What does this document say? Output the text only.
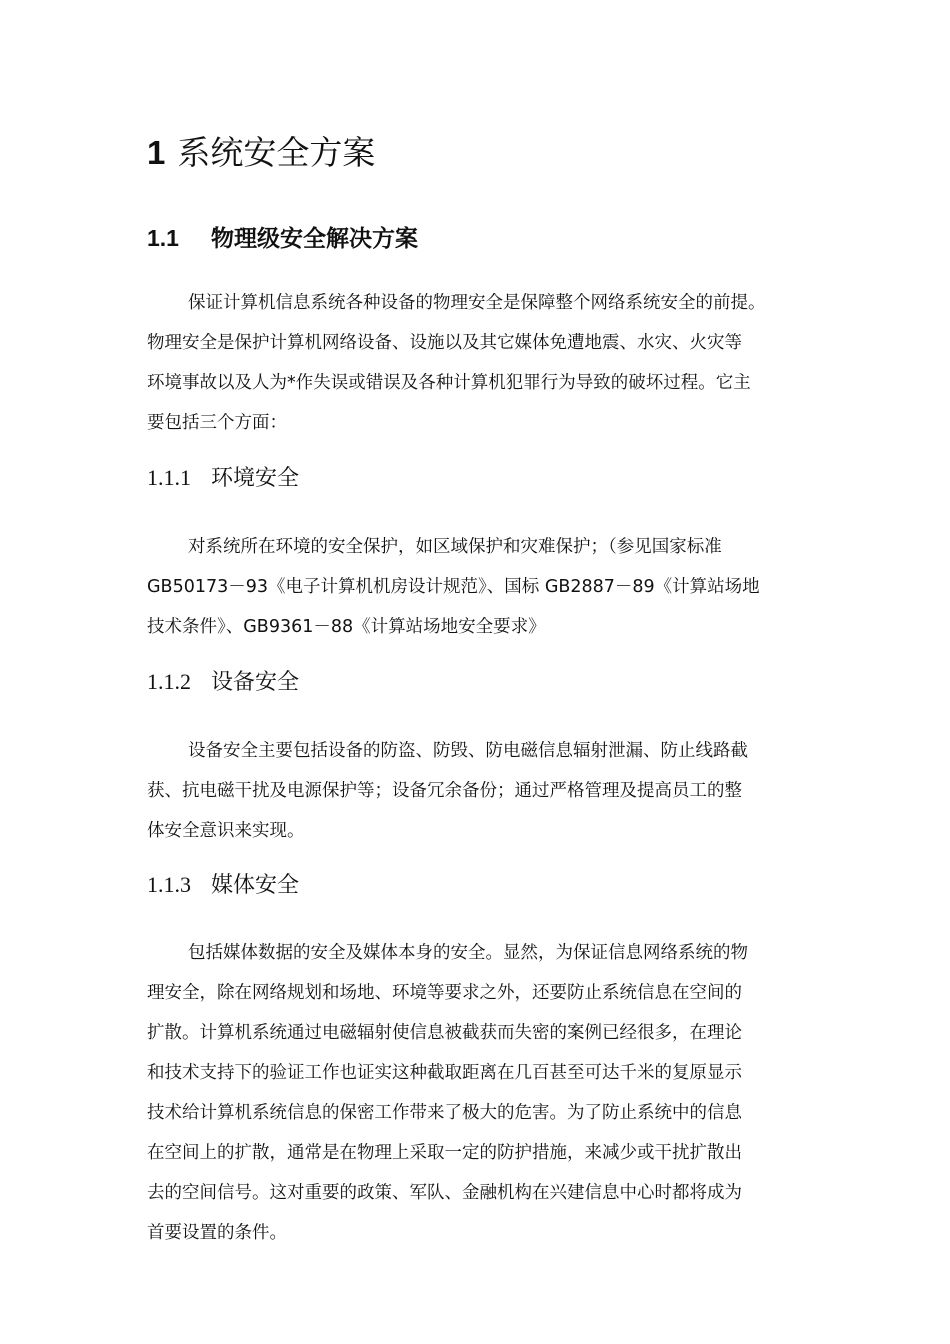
1 系统安全方案
1.1 物理级安全解决方案
保证计算机信息系统各种设备的物理安全是保障整个网络系统安全的前提。
物理安全是保护计算机网络设备、设施以及其它媒体免遭地震、水灾、火灾等
环境事故以及人为*作失误或错误及各种计算机犯罪行为导致的破坏过程。它主
要包括三个方面：
1.1.1 环境安全
对系统所在环境的安全保护，如区域保护和灾难保护；（参见国家标准
GB50173－93《电子计算机机房设计规范》、国标 GB2887－89《计算站场地
技术条件》、GB9361－88《计算站场地安全要求》
1.1.2 设备安全
设备安全主要包括设备的防盗、防毁、防电磁信息辐射泄漏、防止线路截
获、抗电磁干扰及电源保护等；设备冗余备份；通过严格管理及提高员工的整
体安全意识来实现。
1.1.3 媒体安全
包括媒体数据的安全及媒体本身的安全。显然，为保证信息网络系统的物
理安全，除在网络规划和场地、环境等要求之外，还要防止系统信息在空间的
扩散。计算机系统通过电磁辐射使信息被截获而失密的案例已经很多，在理论
和技术支持下的验证工作也证实这种截取距离在几百甚至可达千米的复原显示
技术给计算机系统信息的保密工作带来了极大的危害。为了防止系统中的信息
在空间上的扩散，通常是在物理上采取一定的防护措施，来减少或干扰扩散出
去的空间信号。这对重要的政策、军队、金融机构在兴建信息中心时都将成为
首要设置的条件。
